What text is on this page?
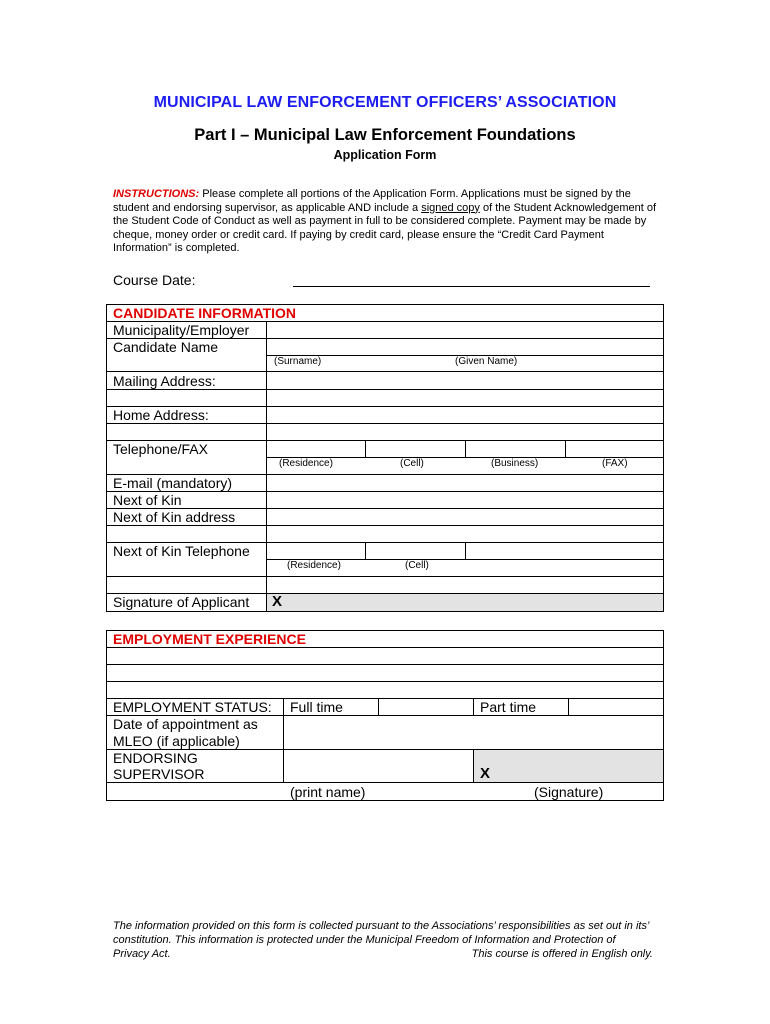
MUNICIPAL LAW ENFORCEMENT OFFICERS’ ASSOCIATION
Part I – Municipal Law Enforcement Foundations
Application Form
INSTRUCTIONS: Please complete all portions of the Application Form. Applications must be signed by the student and endorsing supervisor, as applicable AND include a signed copy of the Student Acknowledgement of the Student Code of Conduct as well as payment in full to be considered complete. Payment may be made by cheque, money order or credit card. If paying by credit card, please ensure the “Credit Card Payment Information” is completed.
Course Date:
CANDIDATE INFORMATION
Municipality/Employer
Candidate Name
(Surname)	(Given Name)
Mailing Address:
Home Address:
Telephone/FAX
(Residence)	(Cell)	(Business)	(FAX)
E-mail (mandatory)
Next of Kin
Next of Kin address
Next of Kin Telephone
(Residence)	(Cell)
Signature of Applicant X
EMPLOYMENT EXPERIENCE
EMPLOYMENT STATUS: Full time	Part time
Date of appointment as
MLEO (if applicable)
ENDORSING
SUPERVISOR	X
(print name)	(Signature)
The information provided on this form is collected pursuant to the Associations’ responsibilities as set out in its’ constitution. This information is protected under the Municipal Freedom of Information and Protection of
Privacy Act.	This course is offered in English only.
